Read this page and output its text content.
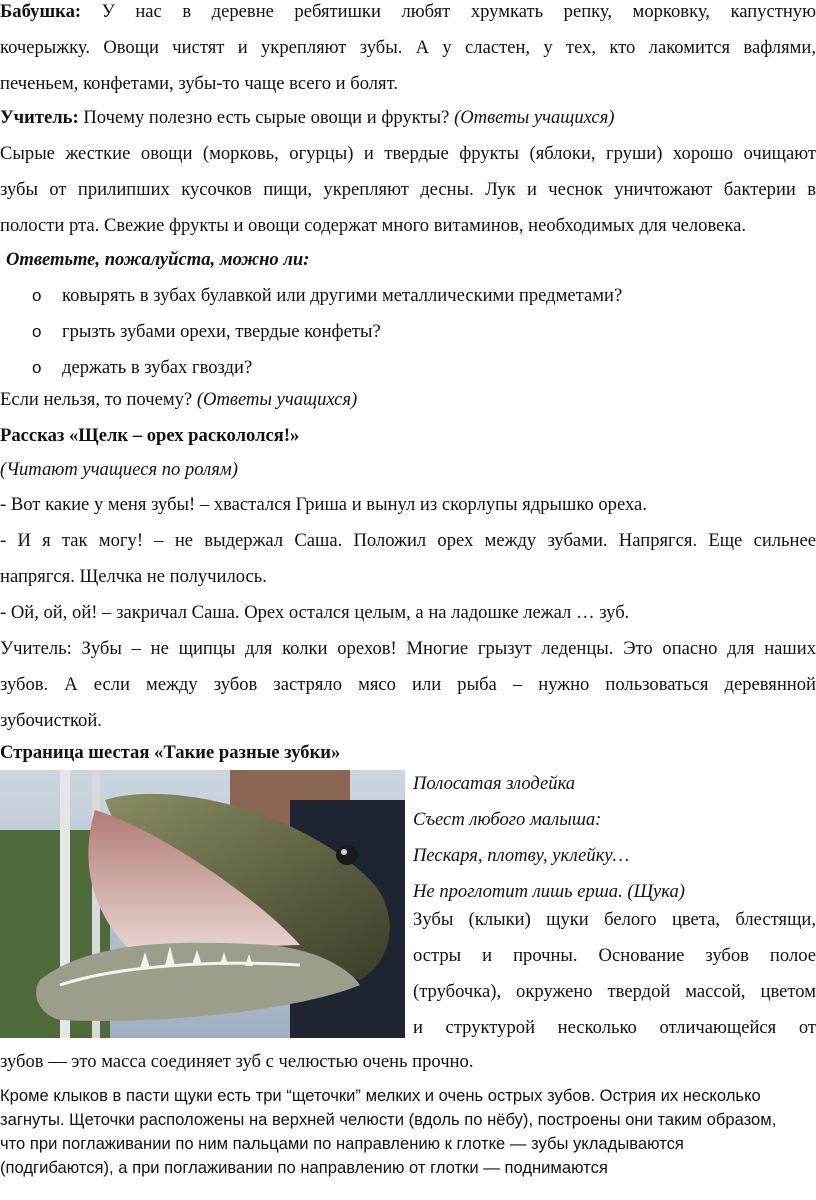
Бабушка: У нас в деревне ребятишки любят хрумкать репку, морковку, капустную

кочерыжку. Овощи чистят и укрепляют зубы. А у сластен, у тех, кто лакомится вафлями,

печеньем, конфетами, зубы-то чаще всего и болят.

Учитель: Почему полезно есть сырые овощи и фрукты? (Ответы учащихся)

Сырые жесткие овощи (морковь, огурцы) и твердые фрукты (яблоки, груши) хорошо очищают

зубы от прилипших кусочков пищи, укрепляют десны. Лук и чеснок уничтожают бактерии в

полости рта. Свежие фрукты и овощи содержат много витаминов, необходимых для человека.

Ответьте, пожалуйста, можно ли:

o	ковырять в зубах булавкой или другими металлическими предметами?

o	грызть зубами орехи, твердые конфеты?

o	держать в зубах гвозди?

Если нельзя, то почему? (Ответы учащихся)

Рассказ «Щелк – орех раскололся!»

(Читают учащиеся по ролям)

- Вот какие у меня зубы! – хвастался Гриша и вынул из скорлупы ядрышко ореха.

- И я так могу! – не выдержал Саша. Положил орех между зубами. Напрягся. Еще сильнее

напрягся. Щелчка не получилось.

- Ой, ой, ой! – закричал Саша. Орех остался целым, а на ладошке лежал … зуб.

Учитель: Зубы – не щипцы для колки орехов! Многие грызут леденцы. Это опасно для наших

зубов. А если между зубов застряло мясо или рыба – нужно пользоваться деревянной

зубочисткой.

Страница шестая «Такие разные зубки»

Полосатая злодейка

Съест любого малыша:

Пескаря, плотву, уклейку…

Не проглотит лишь ерша. (Щука)

Зубы (клыки) щуки белого цвета, блестящи,

остры и прочны. Основание зубов полое

(трубочка), окружено твердой массой, цветом

и структурой несколько отличающейся от

зубов — это масса соединяет зуб с челюстью очень прочно.

Кроме клыков в пасти щуки есть три “щеточки” мелких и очень острых зубов. Острия их несколько

загнуты. Щеточки расположены на верхней челюсти (вдоль по нёбу), построены они таким образом,

что при поглаживании по ним пальцами по направлению к глотке — зубы укладываются

(подгибаются), а при поглаживании по направлению от глотки — поднимаются
